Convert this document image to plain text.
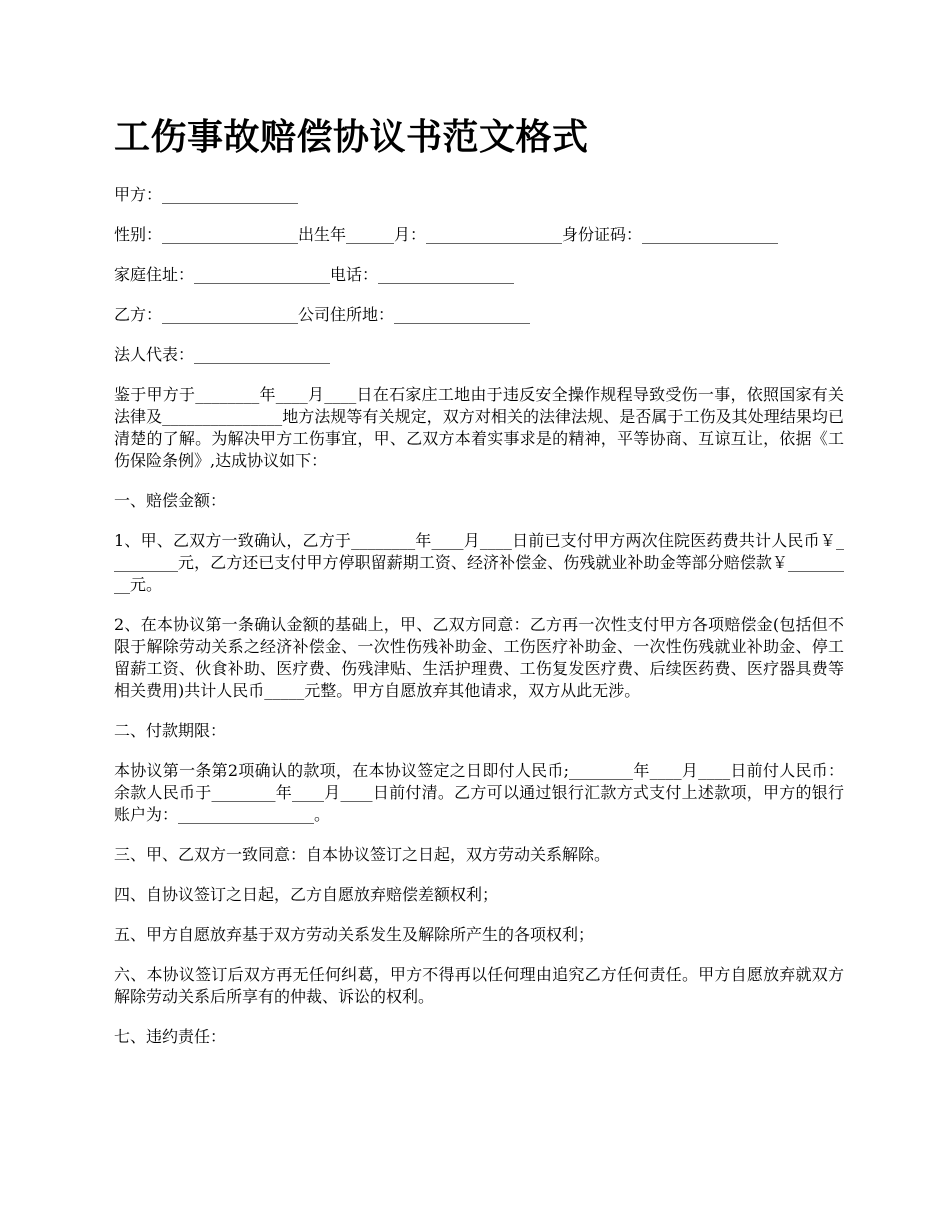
工伤事故赔偿协议书范文格式

甲方：_________________

性别：_________________出生年______月：_________________身份证码：_________________

家庭住址：_________________电话：_________________

乙方：_________________公司住所地：_________________

法人代表：_________________

鉴于甲方于________年____月____日在石家庄工地由于违反安全操作规程导致受伤一事，依照国家有关法律及_______________地方法规等有关规定，双方对相关的法律法规、是否属于工伤及其处理结果均已清楚的了解。为解决甲方工伤事宜，甲、乙双方本着实事求是的精神，平等协商、互谅互让，依据《工伤保险条例》,达成协议如下：

一、赔偿金额：

1、甲、乙双方一致确认，乙方于________年____月____日前已支付甲方两次住院医药费共计人民币￥_________元，乙方还已支付甲方停职留薪期工资、经济补偿金、伤残就业补助金等部分赔偿款￥_________元。

2、在本协议第一条确认金额的基础上，甲、乙双方同意：乙方再一次性支付甲方各项赔偿金(包括但不限于解除劳动关系之经济补偿金、一次性伤残补助金、工伤医疗补助金、一次性伤残就业补助金、停工留薪工资、伙食补助、医疗费、伤残津贴、生活护理费、工伤复发医疗费、后续医药费、医疗器具费等相关费用)共计人民币_____元整。甲方自愿放弃其他请求，双方从此无涉。

二、付款期限：

本协议第一条第2项确认的款项，在本协议签定之日即付人民币;________年____月____日前付人民币：余款人民币于________年____月____日前付清。乙方可以通过银行汇款方式支付上述款项，甲方的银行账户为：_________________。

三、甲、乙双方一致同意：自本协议签订之日起，双方劳动关系解除。

四、自协议签订之日起，乙方自愿放弃赔偿差额权利；

五、甲方自愿放弃基于双方劳动关系发生及解除所产生的各项权利；

六、本协议签订后双方再无任何纠葛，甲方不得再以任何理由追究乙方任何责任。甲方自愿放弃就双方解除劳动关系后所享有的仲裁、诉讼的权利。

七、违约责任：
